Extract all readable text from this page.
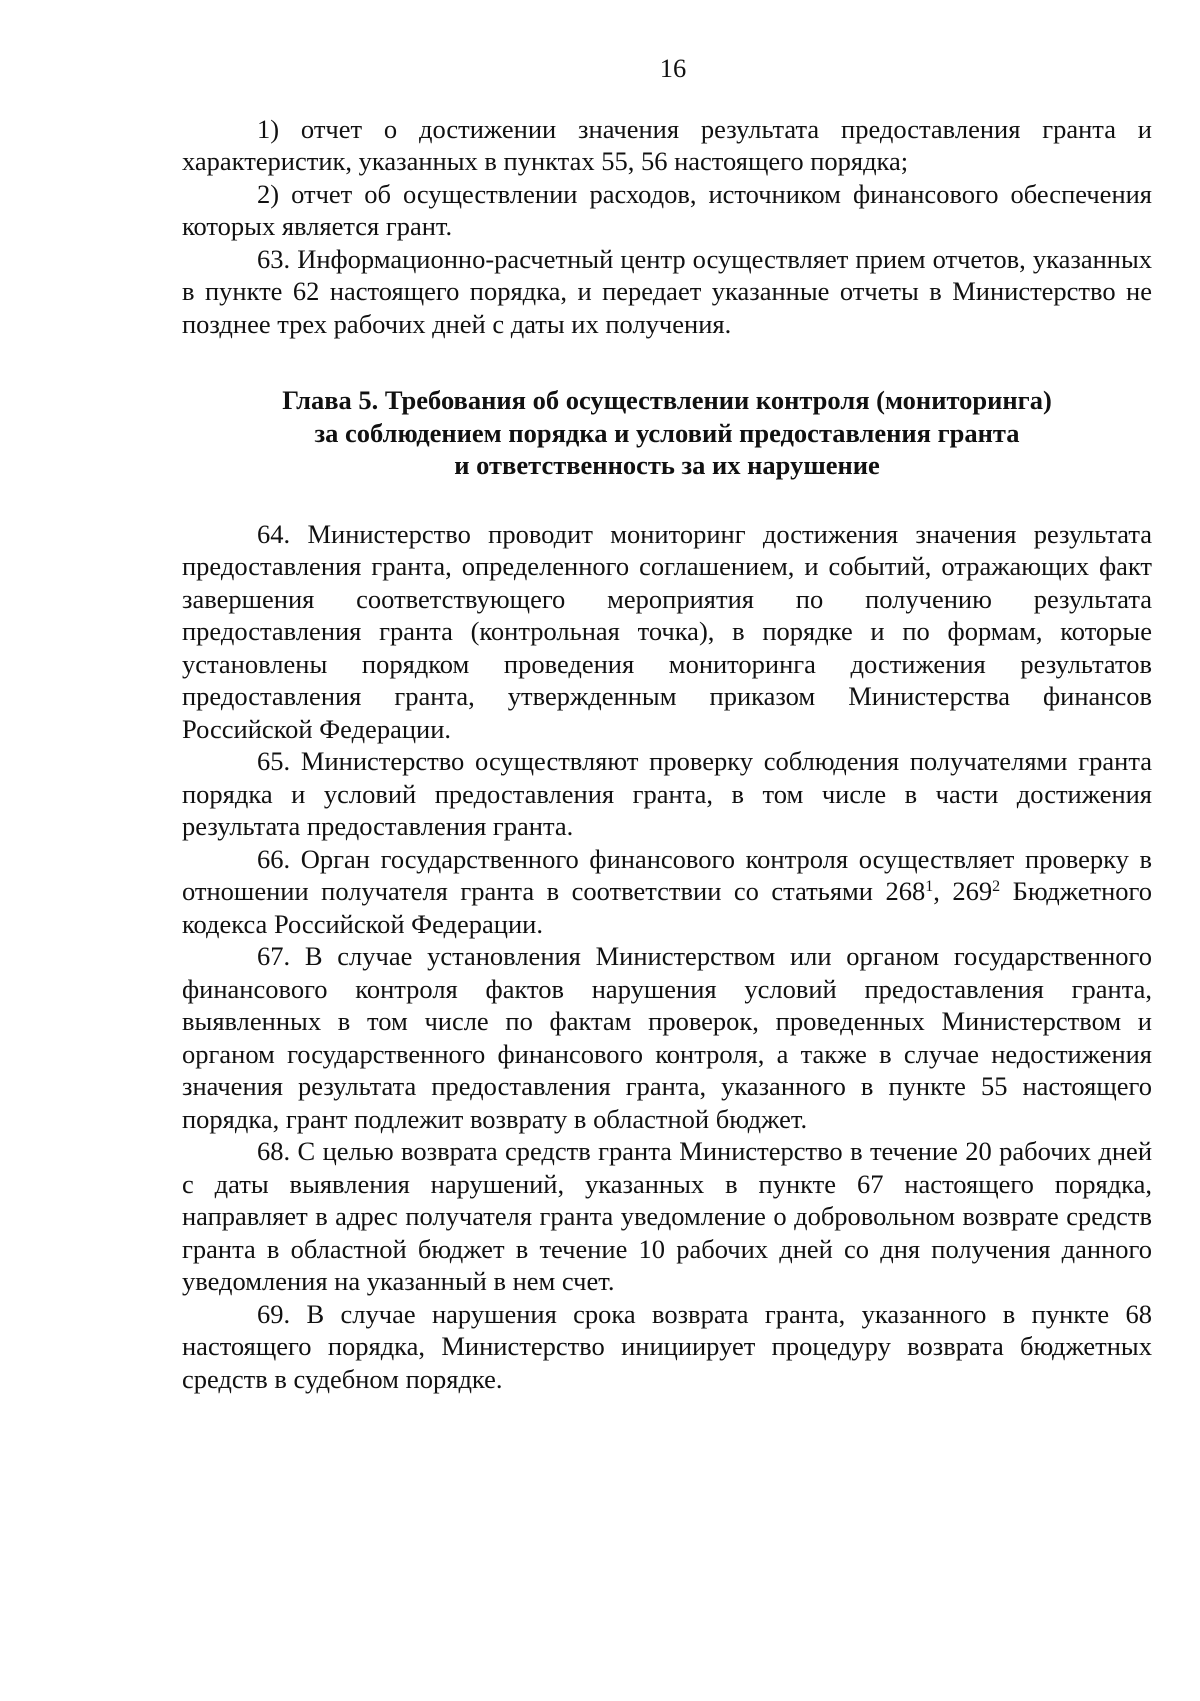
16

1) отчет о достижении значения результата предоставления гранта и характеристик, указанных в пунктах 55, 56 настоящего порядка;

2) отчет об осуществлении расходов, источником финансового обеспечения которых является грант.

63. Информационно-расчетный центр осуществляет прием отчетов, указанных в пункте 62 настоящего порядка, и передает указанные отчеты в Министерство не позднее трех рабочих дней с даты их получения.

Глава 5. Требования об осуществлении контроля (мониторинга)
за соблюдением порядка и условий предоставления гранта
и ответственность за их нарушение

64. Министерство проводит мониторинг достижения значения результата предоставления гранта, определенного соглашением, и событий, отражающих факт завершения соответствующего мероприятия по получению результата предоставления гранта (контрольная точка), в порядке и по формам, которые установлены порядком проведения мониторинга достижения результатов предоставления гранта, утвержденным приказом Министерства финансов Российской Федерации.

65. Министерство осуществляют проверку соблюдения получателями гранта порядка и условий предоставления гранта, в том числе в части достижения результата предоставления гранта.

66. Орган государственного финансового контроля осуществляет проверку в отношении получателя гранта в соответствии со статьями $268^1$, $269^2$ Бюджетного кодекса Российской Федерации.

67. В случае установления Министерством или органом государственного финансового контроля фактов нарушения условий предоставления гранта, выявленных в том числе по фактам проверок, проведенных Министерством и органом государственного финансового контроля, а также в случае недостижения значения результата предоставления гранта, указанного в пункте 55 настоящего порядка, грант подлежит возврату в областной бюджет.

68. С целью возврата средств гранта Министерство в течение 20 рабочих дней с даты выявления нарушений, указанных в пункте 67 настоящего порядка, направляет в адрес получателя гранта уведомление о добровольном возврате средств гранта в областной бюджет в течение 10 рабочих дней со дня получения данного уведомления на указанный в нем счет.

69. В случае нарушения срока возврата гранта, указанного в пункте 68 настоящего порядка, Министерство инициирует процедуру возврата бюджетных средств в судебном порядке.
